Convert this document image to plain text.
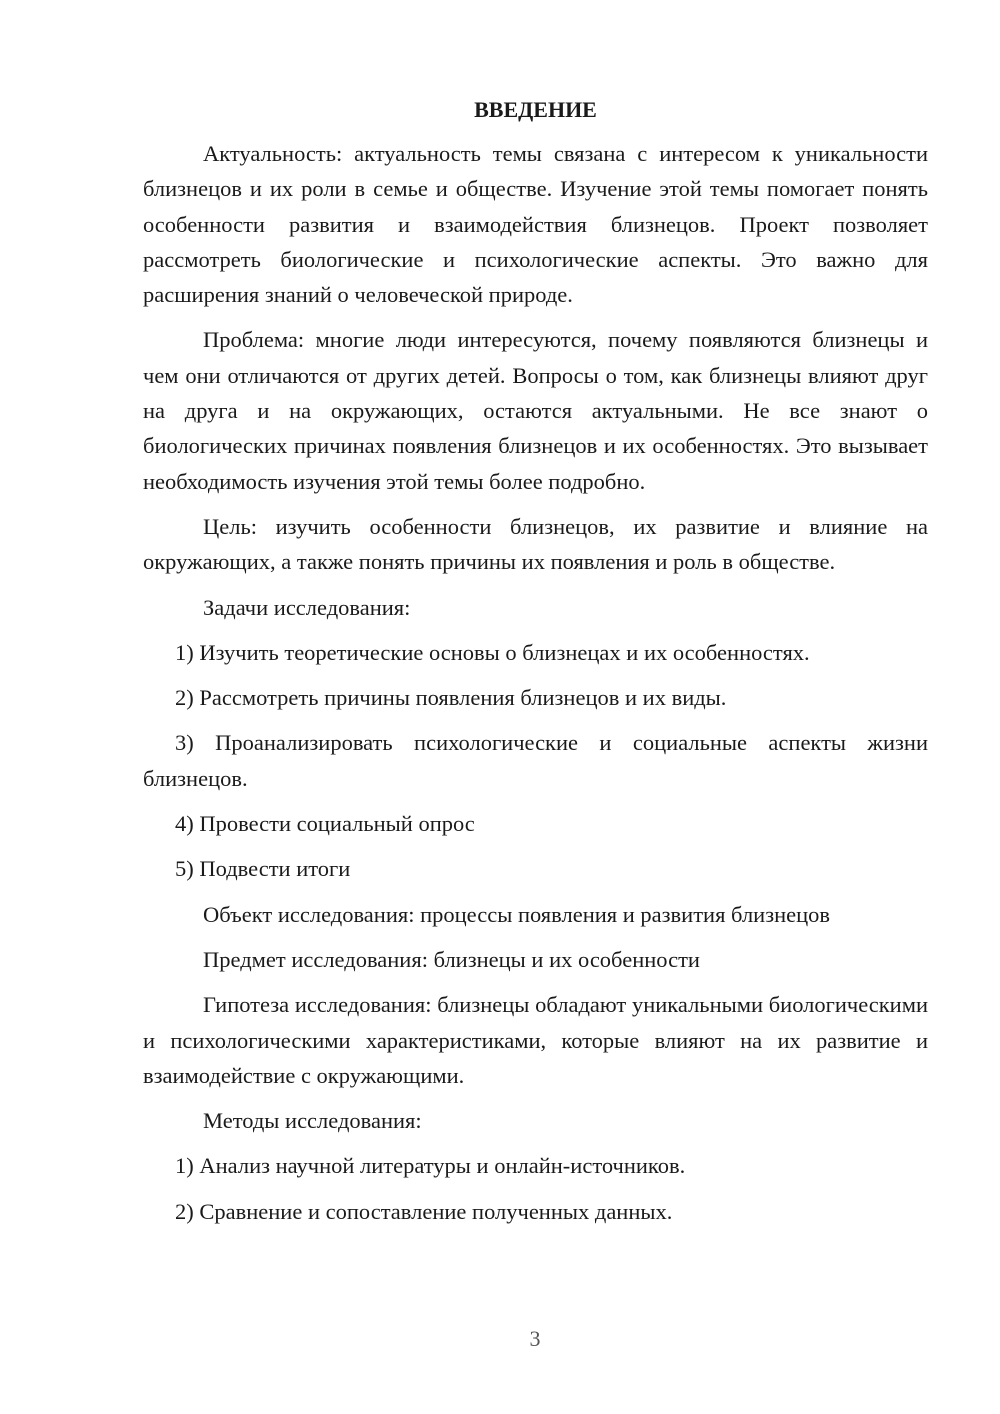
ВВЕДЕНИЕ

Актуальность: актуальность темы связана с интересом к уникальности близнецов и их роли в семье и обществе. Изучение этой темы помогает понять особенности развития и взаимодействия близнецов. Проект позволяет рассмотреть биологические и психологические аспекты. Это важно для расширения знаний о человеческой природе.

Проблема: многие люди интересуются, почему появляются близнецы и чем они отличаются от других детей. Вопросы о том, как близнецы влияют друг на друга и на окружающих, остаются актуальными. Не все знают о биологических причинах появления близнецов и их особенностях. Это вызывает необходимость изучения этой темы более подробно.

Цель: изучить особенности близнецов, их развитие и влияние на окружающих, а также понять причины их появления и роль в обществе.

Задачи исследования:

1) Изучить теоретические основы о близнецах и их особенностях.

2) Рассмотреть причины появления близнецов и их виды.

3) Проанализировать психологические и социальные аспекты жизни близнецов.

4) Провести социальный опрос

5) Подвести итоги

Объект исследования: процессы появления и развития близнецов

Предмет исследования: близнецы и их особенности

Гипотеза исследования: близнецы обладают уникальными биологическими и психологическими характеристиками, которые влияют на их развитие и взаимодействие с окружающими.

Методы исследования:

1) Анализ научной литературы и онлайн-источников.

2) Сравнение и сопоставление полученных данных.

3
